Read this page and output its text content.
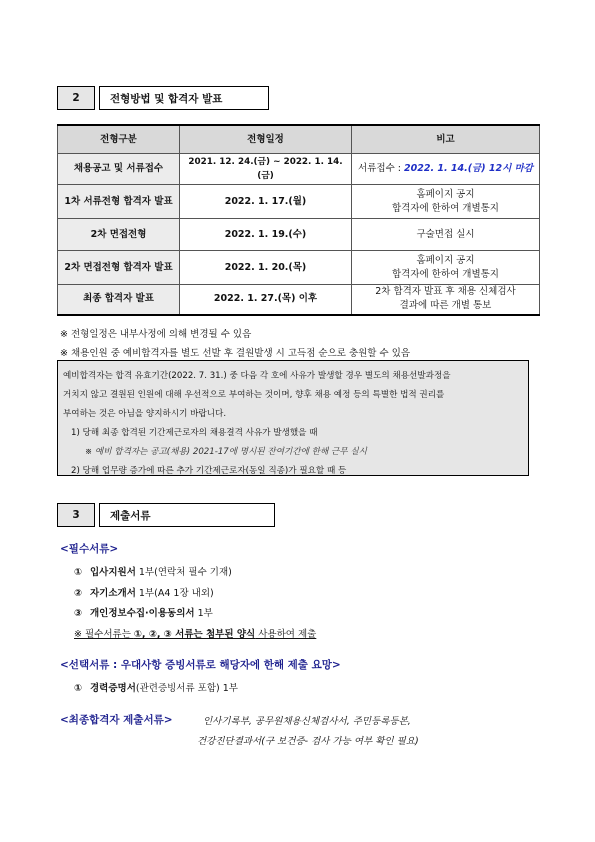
2	전형방법 및 합격자 발표
전형구분	전형일정	비고
채용공고 및 서류접수	2021. 12. 24.(금) ~ 2022. 1. 14.(금)	서류접수 : 2022. 1. 14.(금) 12시 마감
1차 서류전형 합격자 발표	2022. 1. 17.(월)	홈페이지 공지
합격자에 한하여 개별통지

2차 면접전형	2022. 1. 19.(수)	구술면접 실시
2차 면접전형 합격자 발표	2022. 1. 20.(목)	홈페이지 공지
합격자에 한하여 개별통지

최종 합격자 발표	2022. 1. 27.(목) 이후	2차 합격자 발표 후 채용 신체검사
결과에 따른 개별 통보
※ 전형일정은 내부사정에 의해 변경될 수 있음
※ 채용인원 중 예비합격자를 별도 선발 후 결원발생 시 고득점 순으로 충원할 수 있음

예비합격자는 합격 유효기간(2022. 7. 31.) 중 다음 각 호에 사유가 발생할 경우 별도의 채용선발과정을

거치지 않고 결원된 인원에 대해 우선적으로 부여하는 것이며, 향후 채용 예정 등의 특별한 법적 권리를

부여하는 것은 아님을 양지하시기 바랍니다.

1) 당해 최종 합격된 기간제근로자의 채용결격 사유가 발생했을 때

※ 예비 합격자는 공고(채용) 2021-17에 명시된 잔여기간에 한해 근무 실시

2) 당해 업무량 증가에 따른 추가 기간제근로자(동일 직종)가 필요할 때 등

3	제출서류
<필수서류>
① 입사지원서 1부(연락처 필수 기재)
② 자기소개서 1부(A4 1장 내외)
③ 개인정보수집·이용동의서 1부
※ 필수서류는 ①, ②, ③ 서류는 첨부된 양식 사용하여 제출
<선택서류 : 우대사항 증빙서류로 해당자에 한해 제출 요망>
① 경력증명서(관련증빙서류 포함) 1부
<최종합격자 제출서류>	인사기록부, 공무원채용신체검사서, 주민등록등본,
건강진단결과서(구 보건증- 검사 가능 여부 확인 필요)
